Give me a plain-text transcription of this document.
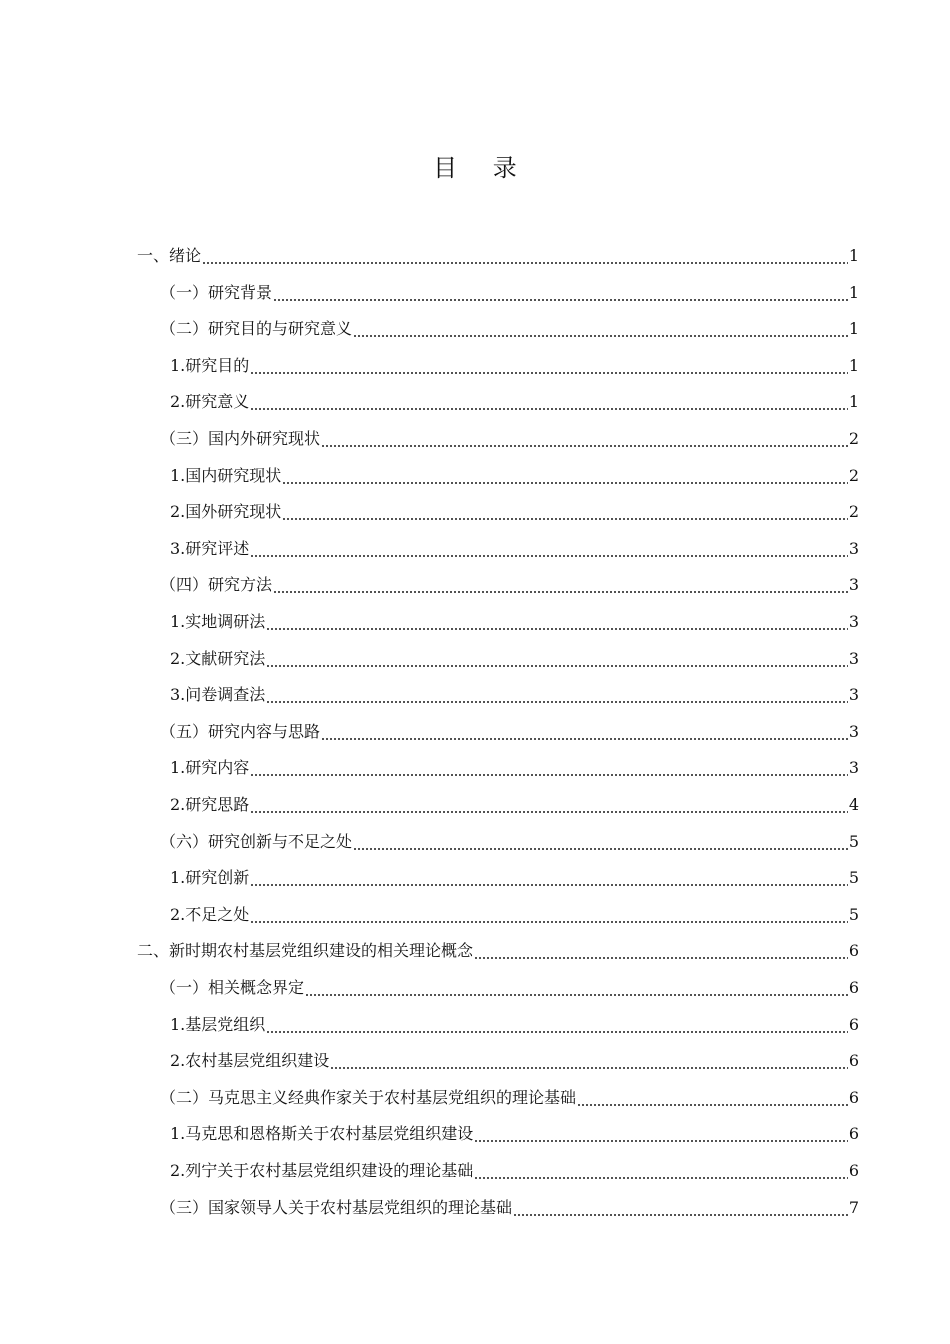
目 录
一、绪论	1
（一）研究背景	1
（二）研究目的与研究意义	1
1.研究目的	1
2.研究意义	1
（三）国内外研究现状	2
1.国内研究现状	2
2.国外研究现状	2
3.研究评述	3
（四）研究方法	3
1.实地调研法	3
2.文献研究法	3
3.问卷调查法	3
（五）研究内容与思路	3
1.研究内容	3
2.研究思路	4
（六）研究创新与不足之处	5
1.研究创新	5
2.不足之处	5
二、新时期农村基层党组织建设的相关理论概念	6
（一）相关概念界定	6
1.基层党组织	6
2.农村基层党组织建设	6
（二）马克思主义经典作家关于农村基层党组织的理论基础	6
1.马克思和恩格斯关于农村基层党组织建设	6
2.列宁关于农村基层党组织建设的理论基础	6
（三）国家领导人关于农村基层党组织的理论基础	7
